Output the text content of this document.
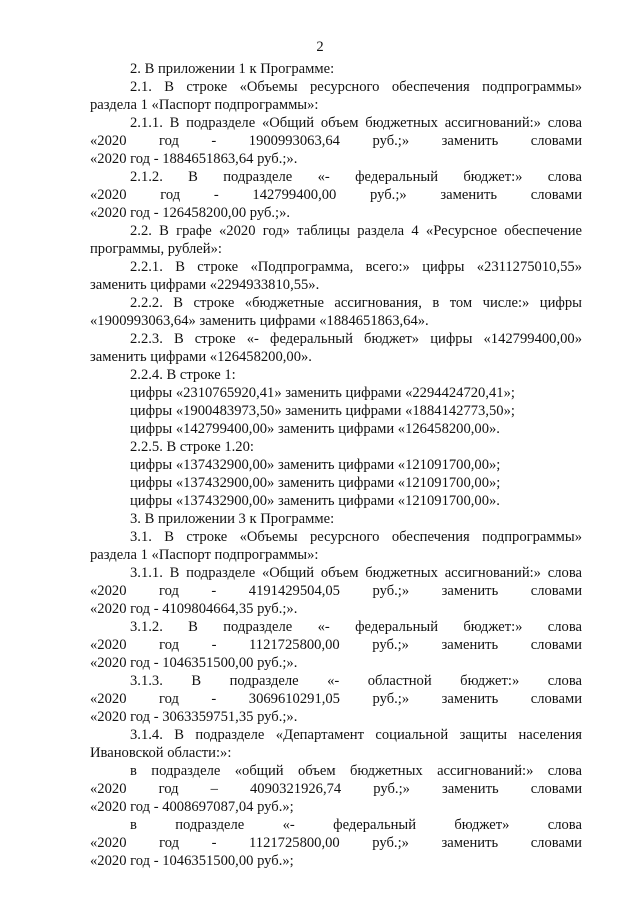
2
2. В приложении 1 к Программе:
2.1. В строке «Объемы ресурсного обеспечения подпрограммы»
раздела 1 «Паспорт подпрограммы»:
2.1.1. В подразделе «Общий объем бюджетных ассигнований:» слова
«2020 год - 1900993063,64 руб.;» заменить словами
«2020 год - 1884651863,64 руб.;».
2.1.2. В подразделе «- федеральный бюджет:» слова
«2020 год - 142799400,00 руб.;» заменить словами
«2020 год - 126458200,00 руб.;».
2.2. В графе «2020 год» таблицы раздела 4 «Ресурсное обеспечение
программы, рублей»:
2.2.1. В строке «Подпрограмма, всего:» цифры «2311275010,55»
заменить цифрами «2294933810,55».
2.2.2. В строке «бюджетные ассигнования, в том числе:» цифры
«1900993063,64» заменить цифрами «1884651863,64».
2.2.3. В строке «- федеральный бюджет» цифры «142799400,00»
заменить цифрами «126458200,00».
2.2.4. В строке 1:
цифры «2310765920,41» заменить цифрами «2294424720,41»;
цифры «1900483973,50» заменить цифрами «1884142773,50»;
цифры «142799400,00» заменить цифрами «126458200,00».
2.2.5. В строке 1.20:
цифры «137432900,00» заменить цифрами «121091700,00»;
цифры «137432900,00» заменить цифрами «121091700,00»;
цифры «137432900,00» заменить цифрами «121091700,00».
3. В приложении 3 к Программе:
3.1. В строке «Объемы ресурсного обеспечения подпрограммы»
раздела 1 «Паспорт подпрограммы»:
3.1.1. В подразделе «Общий объем бюджетных ассигнований:» слова
«2020 год - 4191429504,05 руб.;» заменить словами
«2020 год - 4109804664,35 руб.;».
3.1.2. В подразделе «- федеральный бюджет:» слова
«2020 год - 1121725800,00 руб.;» заменить словами
«2020 год - 1046351500,00 руб.;».
3.1.3. В подразделе «- областной бюджет:» слова
«2020 год - 3069610291,05 руб.;» заменить словами
«2020 год - 3063359751,35 руб.;».
3.1.4. В подразделе «Департамент социальной защиты населения
Ивановской области:»:
в подразделе «общий объем бюджетных ассигнований:» слова
«2020 год – 4090321926,74 руб.;» заменить словами
«2020 год - 4008697087,04 руб.»;
в подразделе «- федеральный бюджет» слова
«2020 год - 1121725800,00 руб.;» заменить словами
«2020 год - 1046351500,00 руб.»;
